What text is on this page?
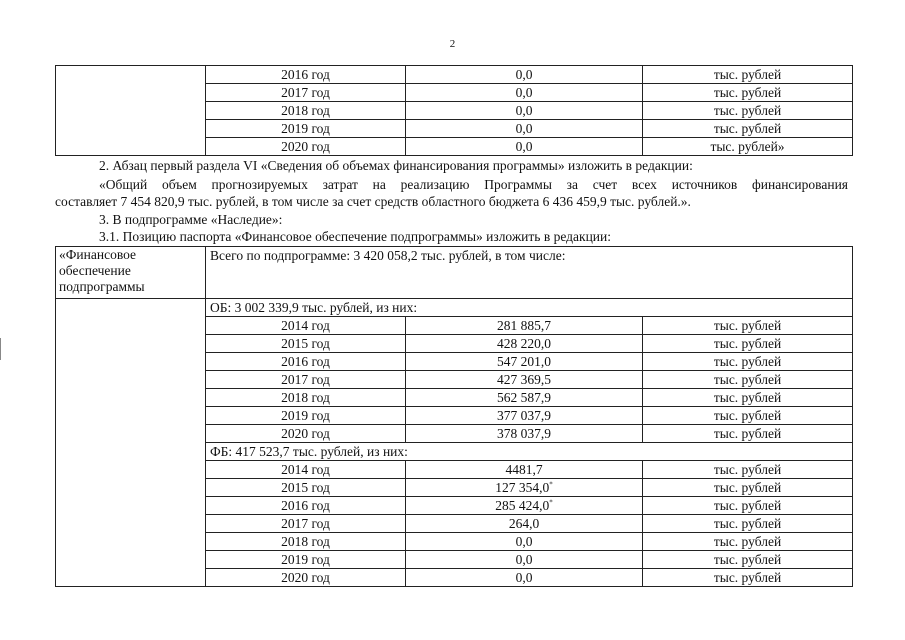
2
	2016 год	0,0	тыс. рублей
	2017 год	0,0	тыс. рублей
	2018 год	0,0	тыс. рублей
	2019 год	0,0	тыс. рублей
	2020 год	0,0	тыс. рублей»
2. Абзац первый раздела VI «Сведения об объемах финансирования программы» изложить в редакции:
«Общий объем прогнозируемых затрат на реализацию Программы за счет всех источников финансирования
составляет 7 454 820,9 тыс. рублей, в том числе за счет средств областного бюджета 6 436 459,9 тыс. рублей.».
3. В подпрограмме «Наследие»:
3.1. Позицию паспорта «Финансовое обеспечение подпрограммы» изложить в редакции:
«Финансовое
обеспечение
подпрограммы	Всего по подпрограмме: 3 420 058,2 тыс. рублей, в том числе:		
	ОБ: 3 002 339,9 тыс. рублей, из них:		
	2014 год	281 885,7	тыс. рублей
	2015 год	428 220,0	тыс. рублей
	2016 год	547 201,0	тыс. рублей
	2017 год	427 369,5	тыс. рублей
	2018 год	562 587,9	тыс. рублей
	2019 год	377 037,9	тыс. рублей
	2020 год	378 037,9	тыс. рублей
	ФБ: 417 523,7 тыс. рублей, из них:		
	2014 год	4481,7	тыс. рублей
	2015 год	127 354,0*	тыс. рублей
	2016 год	285 424,0*	тыс. рублей
	2017 год	264,0	тыс. рублей
	2018 год	0,0	тыс. рублей
	2019 год	0,0	тыс. рублей
	2020 год	0,0	тыс. рублей
